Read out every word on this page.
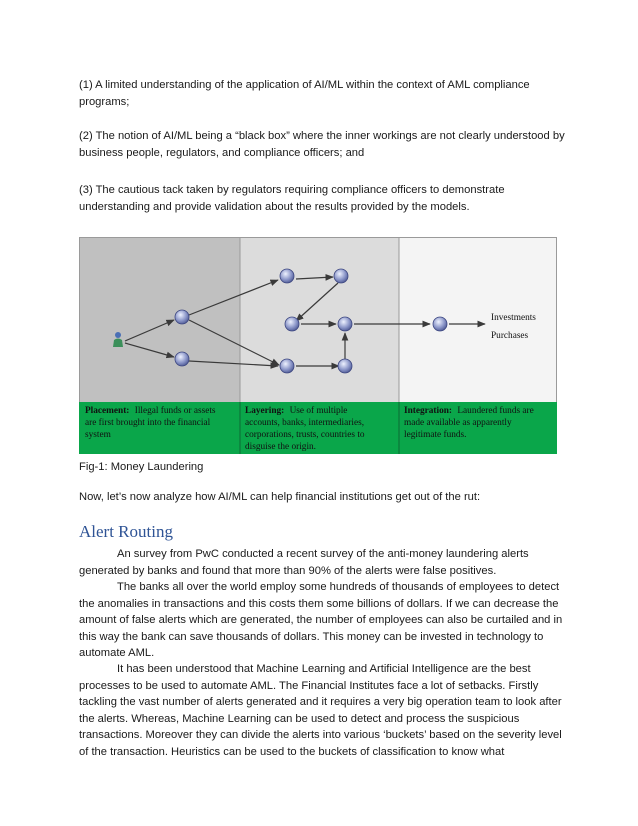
(1) A limited understanding of the application of AI/ML within the context of AML compliance programs;
(2) The notion of AI/ML being a “black box” where the inner workings are not clearly understood by business people, regulators, and compliance officers; and
(3) The cautious tack taken by regulators requiring compliance officers to demonstrate understanding and provide validation about the results provided by the models.
Investments
Purchases
Placement: Illegal funds or assets
are first brought into the financial
system
Layering: Use of multiple
accounts, banks, intermediaries,
corporations, trusts, countries to
disguise the origin.
Integration: Laundered funds are
made available as apparently
legitimate funds.
Fig-1: Money Laundering
Now, let’s now analyze how AI/ML can help financial institutions get out of the rut:
Alert Routing
An survey from PwC conducted a recent survey of the anti-money laundering alerts generated by banks and found that more than 90% of the alerts were false positives.
The banks all over the world employ some hundreds of thousands of employees to detect the anomalies in transactions and this costs them some billions of dollars. If we can decrease the amount of false alerts which are generated, the number of employees can also be curtailed and in this way the bank can save thousands of dollars. This money can be invested in technology to automate AML.
It has been understood that Machine Learning and Artificial Intelligence are the best processes to be used to automate AML. The Financial Institutes face a lot of setbacks. Firstly tackling the vast number of alerts generated and it requires a very big operation team to look after the alerts. Whereas, Machine Learning can be used to detect and process the suspicious transactions. Moreover they can divide the alerts into various ‘buckets’ based on the severity level of the transaction. Heuristics can be used to the buckets of classification to know what
